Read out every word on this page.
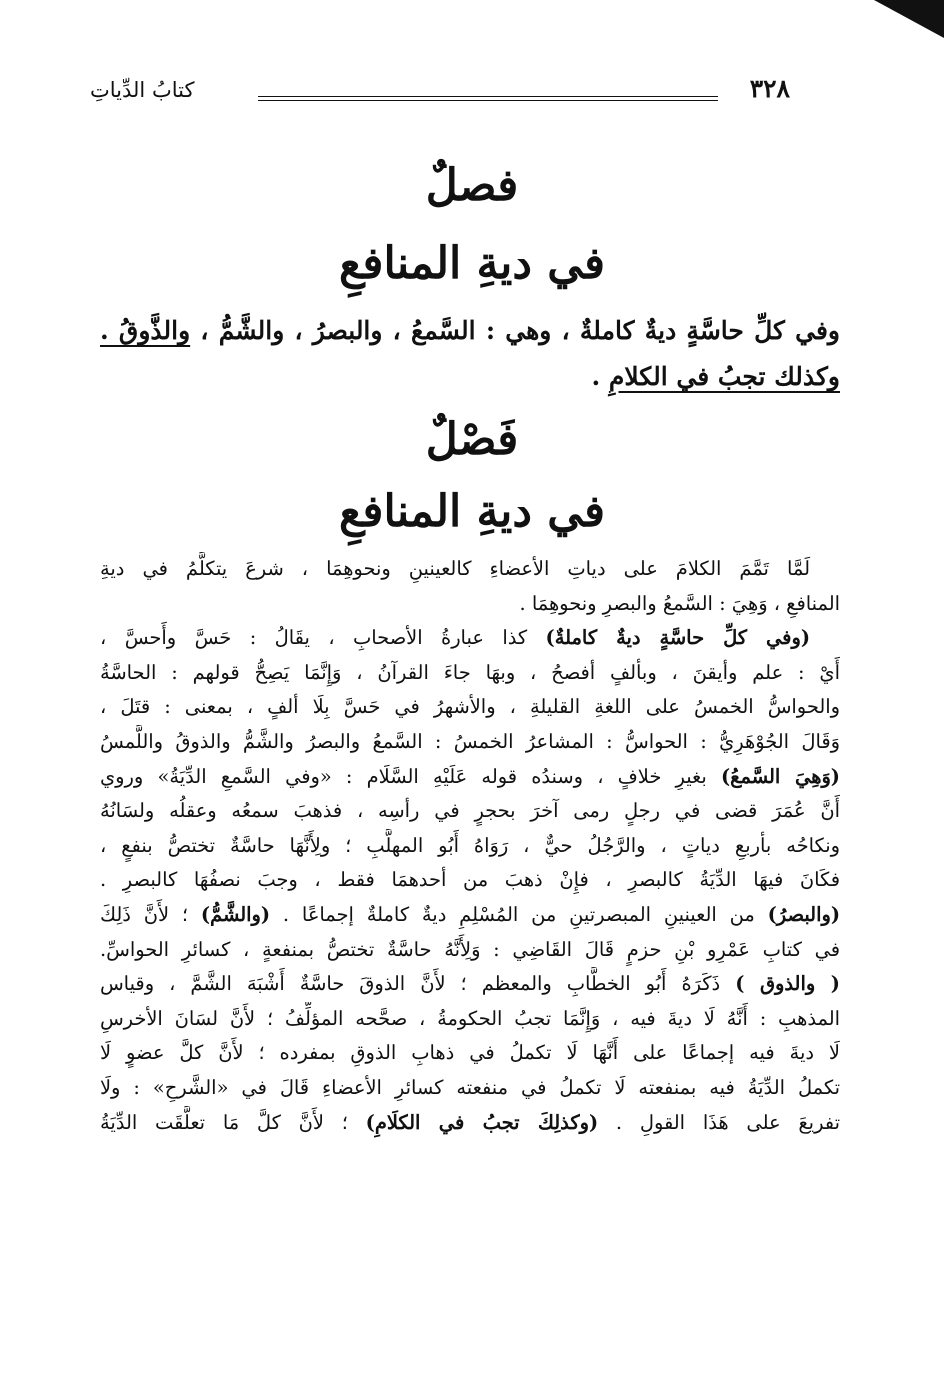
٣٢٨
كتابُ الدِّياتِ
فصلٌ
في ديةِ المنافعِ
وفي كلِّ حاسَّةٍ ديةٌ كاملةٌ ، وهي : السَّمعُ ، والبصرُ ، والشَّمُّ ، والذَّوقُ . وكذلك تجبُ في الكلامِ .
فَصْلٌ
في ديةِ المنافعِ
لَمَّا تَمَّمَ الكلامَ على دياتِ الأعضاءِ كالعينينِ ونحوهِمَا ، شرعَ يتكلَّمُ في ديةِ
المنافعِ ، وَهِيَ : السَّمعُ والبصرِ ونحوهِمَا .
(وفي كلِّ حاسَّةٍ ديةٌ كاملةٌ) كذا عبارةُ الأصحابِ ، يقَالُ : حَسَّ وأَحسَّ ،
أَيْ : علم وأيقنَ ، وبألفٍ أفصحُ ، وبهَا جاءَ القرآنُ ، وَإِنَّمَا يَصِحُّ قولهم : الحاسَّةُ
والحواسُّ الخمسُ على اللغةِ القليلةِ ، والأشهرُ في حَسَّ بِلَا ألفٍ ، بمعنى : قتَلَ ،
وَقَالَ الجُوْهَرِيُّ : الحواسُّ : المشاعرُ الخمسُ : السَّمعُ والبصرُ والشَّمُّ والذوقُ واللَّمسُ
(وَهِيَ السَّمعُ) بغيرِ خلافٍ ، وسندُه قوله عَلَيْهِ السَّلَام : «وفي السَّمعِ الدِّيَةُ» وروي
أَنَّ عُمَرَ قضى في رجلٍ رمى آخرَ بحجرٍ في رأسِه ، فذهبَ سمعُه وعقلُه ولسَانُهُ
ونكاحُه بأربعِ دياتٍ ، والرَّجُلُ حيٌّ ، رَوَاهُ أَبُو المهلَّبِ ؛ ولِأَنَّهَا حاسَّةٌ تختصُّ بنفعٍ ،
فكَانَ فيهَا الدِّيَةُ كالبصرِ ، فإِنْ ذهبَ من أحدهمَا فقط ، وجبَ نصفُهَا كالبصرِ .
(والبصرُ) من العينينِ المبصرتينِ من المُسْلِمِ ديةٌ كاملةٌ إجماعًا . (والشَّمُّ) ؛ لأَنَّ ذَلِكَ
في كتابِ عَمْرِو بْنِ حزمٍ قَالَ القَاضِي : وَلِأَنَّهُ حاسَّةٌ تختصُّ بمنفعةٍ ، كسائرِ الحواسِّ.
( والذوق ) ذَكَرَهُ أَبُو الخطَّابِ والمعظم ؛ لأَنَّ الذوقَ حاسَّةٌ أَشْبَهَ الشَّمَّ ، وقياس
المذهبِ : أَنَّهُ لَا ديةَ فيه ، وَإِنَّمَا تجبُ الحكومةُ ، صحَّحه المؤلِّفُ ؛ لأَنَّ لسَانَ الأخرسِ
لَا ديةَ فيه إجماعًا على أَنَّهَا لَا تكملُ في ذهابِ الذوقِ بمفرده ؛ لأَنَّ كلَّ عضوٍ لَا
تكملُ الدِّيَةُ فيه بمنفعته لَا تكملُ في منفعته كسائرِ الأعضاءِ قَالَ في «الشَّرحِ» : ولَا
تفريعَ على هَذَا القولِ . (وكذلِكَ تجبُ في الكلَامِ) ؛ لأَنَّ كلَّ مَا تعلَّقَت الدِّيَةُ
